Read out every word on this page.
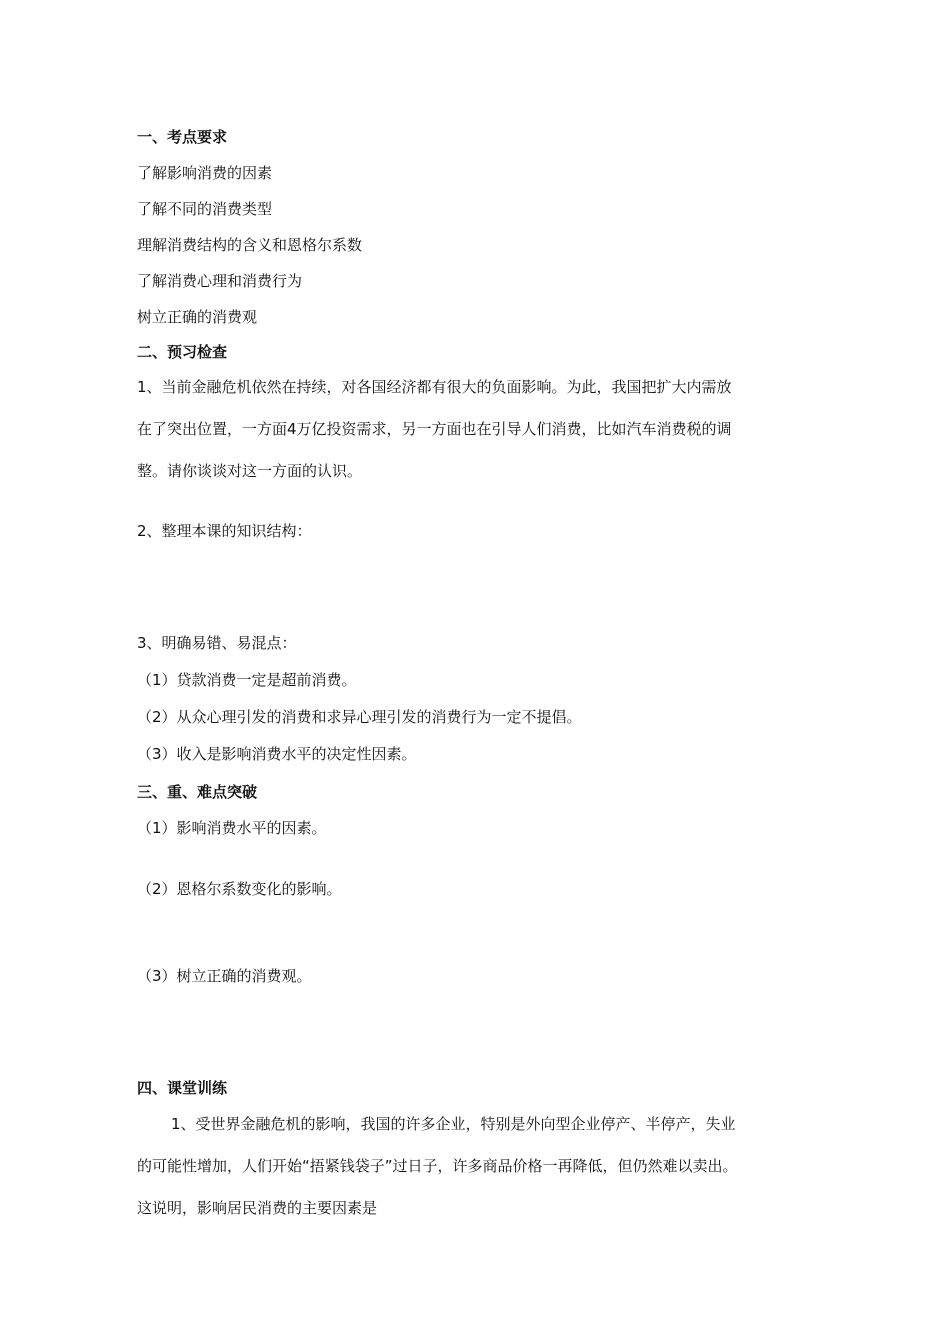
一、考点要求
了解影响消费的因素
了解不同的消费类型
理解消费结构的含义和恩格尔系数
了解消费心理和消费行为
树立正确的消费观
二、预习检查
1、当前金融危机依然在持续，对各国经济都有很大的负面影响。为此，我国把扩大内需放
在了突出位置，一方面4万亿投资需求，另一方面也在引导人们消费，比如汽车消费税的调
整。请你谈谈对这一方面的认识。
2、整理本课的知识结构：
3、明确易错、易混点：
（1）贷款消费一定是超前消费。
（2）从众心理引发的消费和求异心理引发的消费行为一定不提倡。
（3）收入是影响消费水平的决定性因素。
三、重、难点突破
（1）影响消费水平的因素。
（2）恩格尔系数变化的影响。
（3）树立正确的消费观。
四、课堂训练
1、受世界金融危机的影响，我国的许多企业，特别是外向型企业停产、半停产，失业
的可能性增加，人们开始“捂紧钱袋子”过日子，许多商品价格一再降低，但仍然难以卖出。
这说明，影响居民消费的主要因素是
